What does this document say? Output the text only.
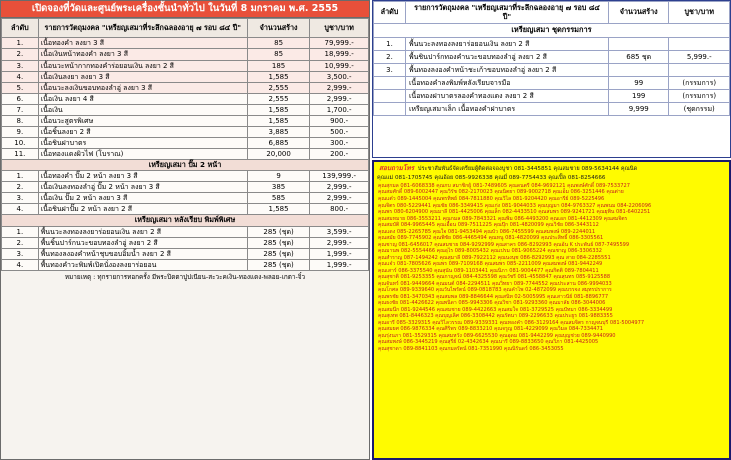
เปิดจองที่วัดและศูนย์พระเครื่องชั้นนำทั่วไป ในวันที่ 8 มกราคม พ.ศ. 2555
ลำดับ	รายการวัตถุมงคล "เหรียญเสมาที่ระลึกฉลองอายุ ๗ รอบ ๘๔ ปี"	จำนวนสร้าง	บูชา/บาท
1.	เนื้อทองคำ ลงยา 3 สี	85	79,999.-
2.	เนื้อเงินหน้าทองคำ ลงยา 3 สี	85	18,999.-
3.	เนื้อนวะหน้ากากทองคำร่อยอนเงิน ลงยา 2 สี	185	10,999.-
4.	เนื้อเงินลงยา ลงยา 3 สี	1,585	3,500.-
5.	เนื้อนวะลงเงินขอบทองลำอู่ ลงยา 3 สี	2,555	2,999.-
6.	เนื้อเงิน ลงยา 4 สี	2,555	2,999.-
7.	เนื้อเงิน	1,585	1,700.-
8.	เนื้อนวะสูตรพิเศษ	1,585	900.-
9.	เนื้อชิ้นลงยา 2 สี	3,885	500.-
10.	เนื้อชินฝาบาตร	6,885	300.-
11.	เนื้อทองแดงผิวไฟ (โบราณ)	20,000	200.-
เหรียญเสมา ปั๊ม 2 หน้า			
1.	เนื้อทองคำ ปั๊ม 2 หน้า ลงยา 3 สี	9	139,999.-
2.	เนื้อเงินลงทองลำอู่ ปั๊ม 2 หน้า ลงยา 3 สี	385	2,999.-
3.	เนื้อเงิน ปั๊ม 2 หน้า ลงยา 3 สี	585	2,999.-
4.	เนื้อชินฝาปั๊ม 2 หน้า ลงยา 2 สี	1,585	800.-
เหรียญเสมา หลังเรียบ พิมพ์พิเศษ			
1.	พื้นนวะลงทองลงยาร่อยอนเงิน ลงยา 2 สี	285 (ชุด)	3,599.-
2.	พื้นชิ้นปาร์กนวะขอบทองลำอู่ ลงยา 2 สี	285 (ชุด)	2,999.-
3.	พื้นทองลงองคำหน้าชุบขอบอิ้มน้ำ ลงยา 2 สี	285 (ชุด)	1,999.-
4.	พื้นทองคำวะพิมพ์เปิดนั่งองลงยาร่อยอน	285 (ชุด)	1,999.-
หมายเหตุ : ทุกรายการทอกครั้ง มีพระปิดตาปูปเนียน-สะวะคเงิน-ทองแดง-พลอย-เกตา-จิ๋ว
ลำดับ	รายการวัตถุมงคล "เหรียญเสมาที่ระลึกฉลองอายุ ๗ รอบ ๘๔ ปี"	จำนวนสร้าง	บูชา/บาท
เหรียญเสมา ชุดกรรมการ			
1.	พื้นนวะลงทองลงยาร่อยอนเงิน ลงยา 2 สี		
2.	พื้นชินปาร์กทองคำนวะขอบทองลำอู่ ลงยา 2 สี	685 ชุด	5,999.-
3.	พื้นทองลงองคำหน้าชะเก้าขอบทองลำอู่ ลงยา 2 สี		
	เนื้อทองคำลงพิมพ์หลังเรียบจารมือ	99	(กรรมการ)
	เนื้อทองฝาบาตรลองคำทองแดง ลงยา 2 สี	199	(กรรมการ)
	เหรียญเสมาเล็ก เนื้อทองคำฝาบาตร	9,999	(ชุดกรรม)
สอบถามโทร ประชาสัมพันธ์จัดเตรียมผู้ติดต่อจองบูชา 081-3445851 คุณสมชาย 089-5634144 คุณนิด
คุณแม่ 081-1705745 คุณอ้อย 085-9926338 คุณมี่ 089-7754433 คุณเปิ้ล 081-8254666
คุณสุกมล 081-6068338 คุณกบ สมาชิกผู้ 081-7489605 คุณดนตรี 084-9692121 คุณพงษ์ศักดิ์ 089-7533727
คุณสมศักดิ์ 089-6002447 คุณวิรัช 082-2170023 คุณนิตยา 089-9002718 คุณเอ็ม 086-3251446 คุณต่าย
คุณแต๋ว 089-1445004 คุณพรทิพย์ 084-7811880 คุณวิไล 081-9204420 คุณอารีย์ 089-5225496
คุณจิตร 080-5229441 คุณชัย 086-3349415 คุณเก่ง 081-9044033 คุณบุญมา 084-9763327 คุณพนม 084-2206096
คุณพร 080-6204900 คุณมาลี 081-4425006 คุณเล็ก 082-4433510 คุณสมพร 089-9241721 คุณยุพิน 081-6402251
คุณสมหมาย 086-3553211 คุณกมล 089-7843321 คุณพิม 086-4493200 คุณเอก 081-4412309 คุณสมจิตร
คุณสมบัติ 084-9965445 คุณเอื้อน 089-7511225 คุณปุ๊ก 081-4820099 คุณวิชัย 086-3443112
คุณแดง 085-2265785 คุณใจ 081-9453494 คุณบัว 086-7455599 คุณสมพงษ์ 089-2244011
คุณสมัย 089-7745902 คุณพิชัย 086-4465494 คุณหนู 081-4820099 คุณประสิทธิ์ 086-3305561
คุณชาญ 081-6456017 คุณสมชาย 084-9292999 คุณสาคร 086-8292993 คุณอ้น K ประพันธ์ 087-7495599
คุณมานพ 082-5554466 คุณอุไร 089-8005432 คุณเปรม 081-9065224 คุณชาญ 086-3306332
คุณสำราญ 087-1494242 คุณสุมาลี 089-7922112 คุณนงนุช 086-8292993 คุณ สาย 084-2285551
คุณแจ๋ว 081-7805626 คุณพร 089-7109168 คุณสมพร 085-2211009 คุณสมพงษ์ 081-9442249
คุณเสาร์ 086-3375540 คุณสุนัน 089-1103441 คุณนิภา 081-9004477 คุณกิตติ 089-7804411
คุณสุชาติ 081-9253355 คุณกาญจน์ 084-4325598 คุณวัชรี 081-4558847 คุณสุนทร 085-9125588
คุณจันทร์ 081-9449664 คุณมนต์ 084-2294511 คุณวิทยา 089-7744552 คุณประสาน 086-9994033
คุณโกศล 089-9339640 คุณวันไพรัตน์ 089-0818783 คุณคำไพ 02-4872099 คุณบรรจง สมุทรปราการ
คุณพรชัย 081-3470343 คุณสมพล 089-8846644 คุณสนิท 02-5005995 คุณเสาวนีย์ 081-8896777
คุณธงชัย 081-4426622 คุณพนิดา 085-9943306 คุณวิชา 081-9293360 คุณมาลัย 086-3044006
คุณสมนึก 081-9244546 คุณสมชาย 089-4422663 คุณสมใจ 081-3729525 คุณปัทมา 086-3334499
คุณสุเทพ 081-8446323 คุณบุญเลิศ 086-3308442 คุณรัตนา 089-2296633 คุณประยูร 081-9883355
คุณอารี 085-3329315 คุณวิไลวรรณ 089-9339331 คุณทองคำ 086-3129164 คุณสมจิตร กาญจนบุรี 081-5004977
คุณสมยศ 086-9876334 คุณศิริพร 089-8833210 คุณจรูญ 081-4229099 คุณวิมล 084-7334471
คุณรุ่งนภา 081-3529315 คุณสมหวัง 089-6625530 คุณอุดม 081-9442299 คุณบุญช่วย 089-9440990
คุณสมพงษ์ 086-3445219 คุณสุรีย์ 02-4342634 คุณนารี 089-8833650 คุณวิภา 081-4425005
คุณสุชาดา 089-8841103 คุณกมลรัตน์ 081-7351990 คุณนิรันดร์ 086-3453055
